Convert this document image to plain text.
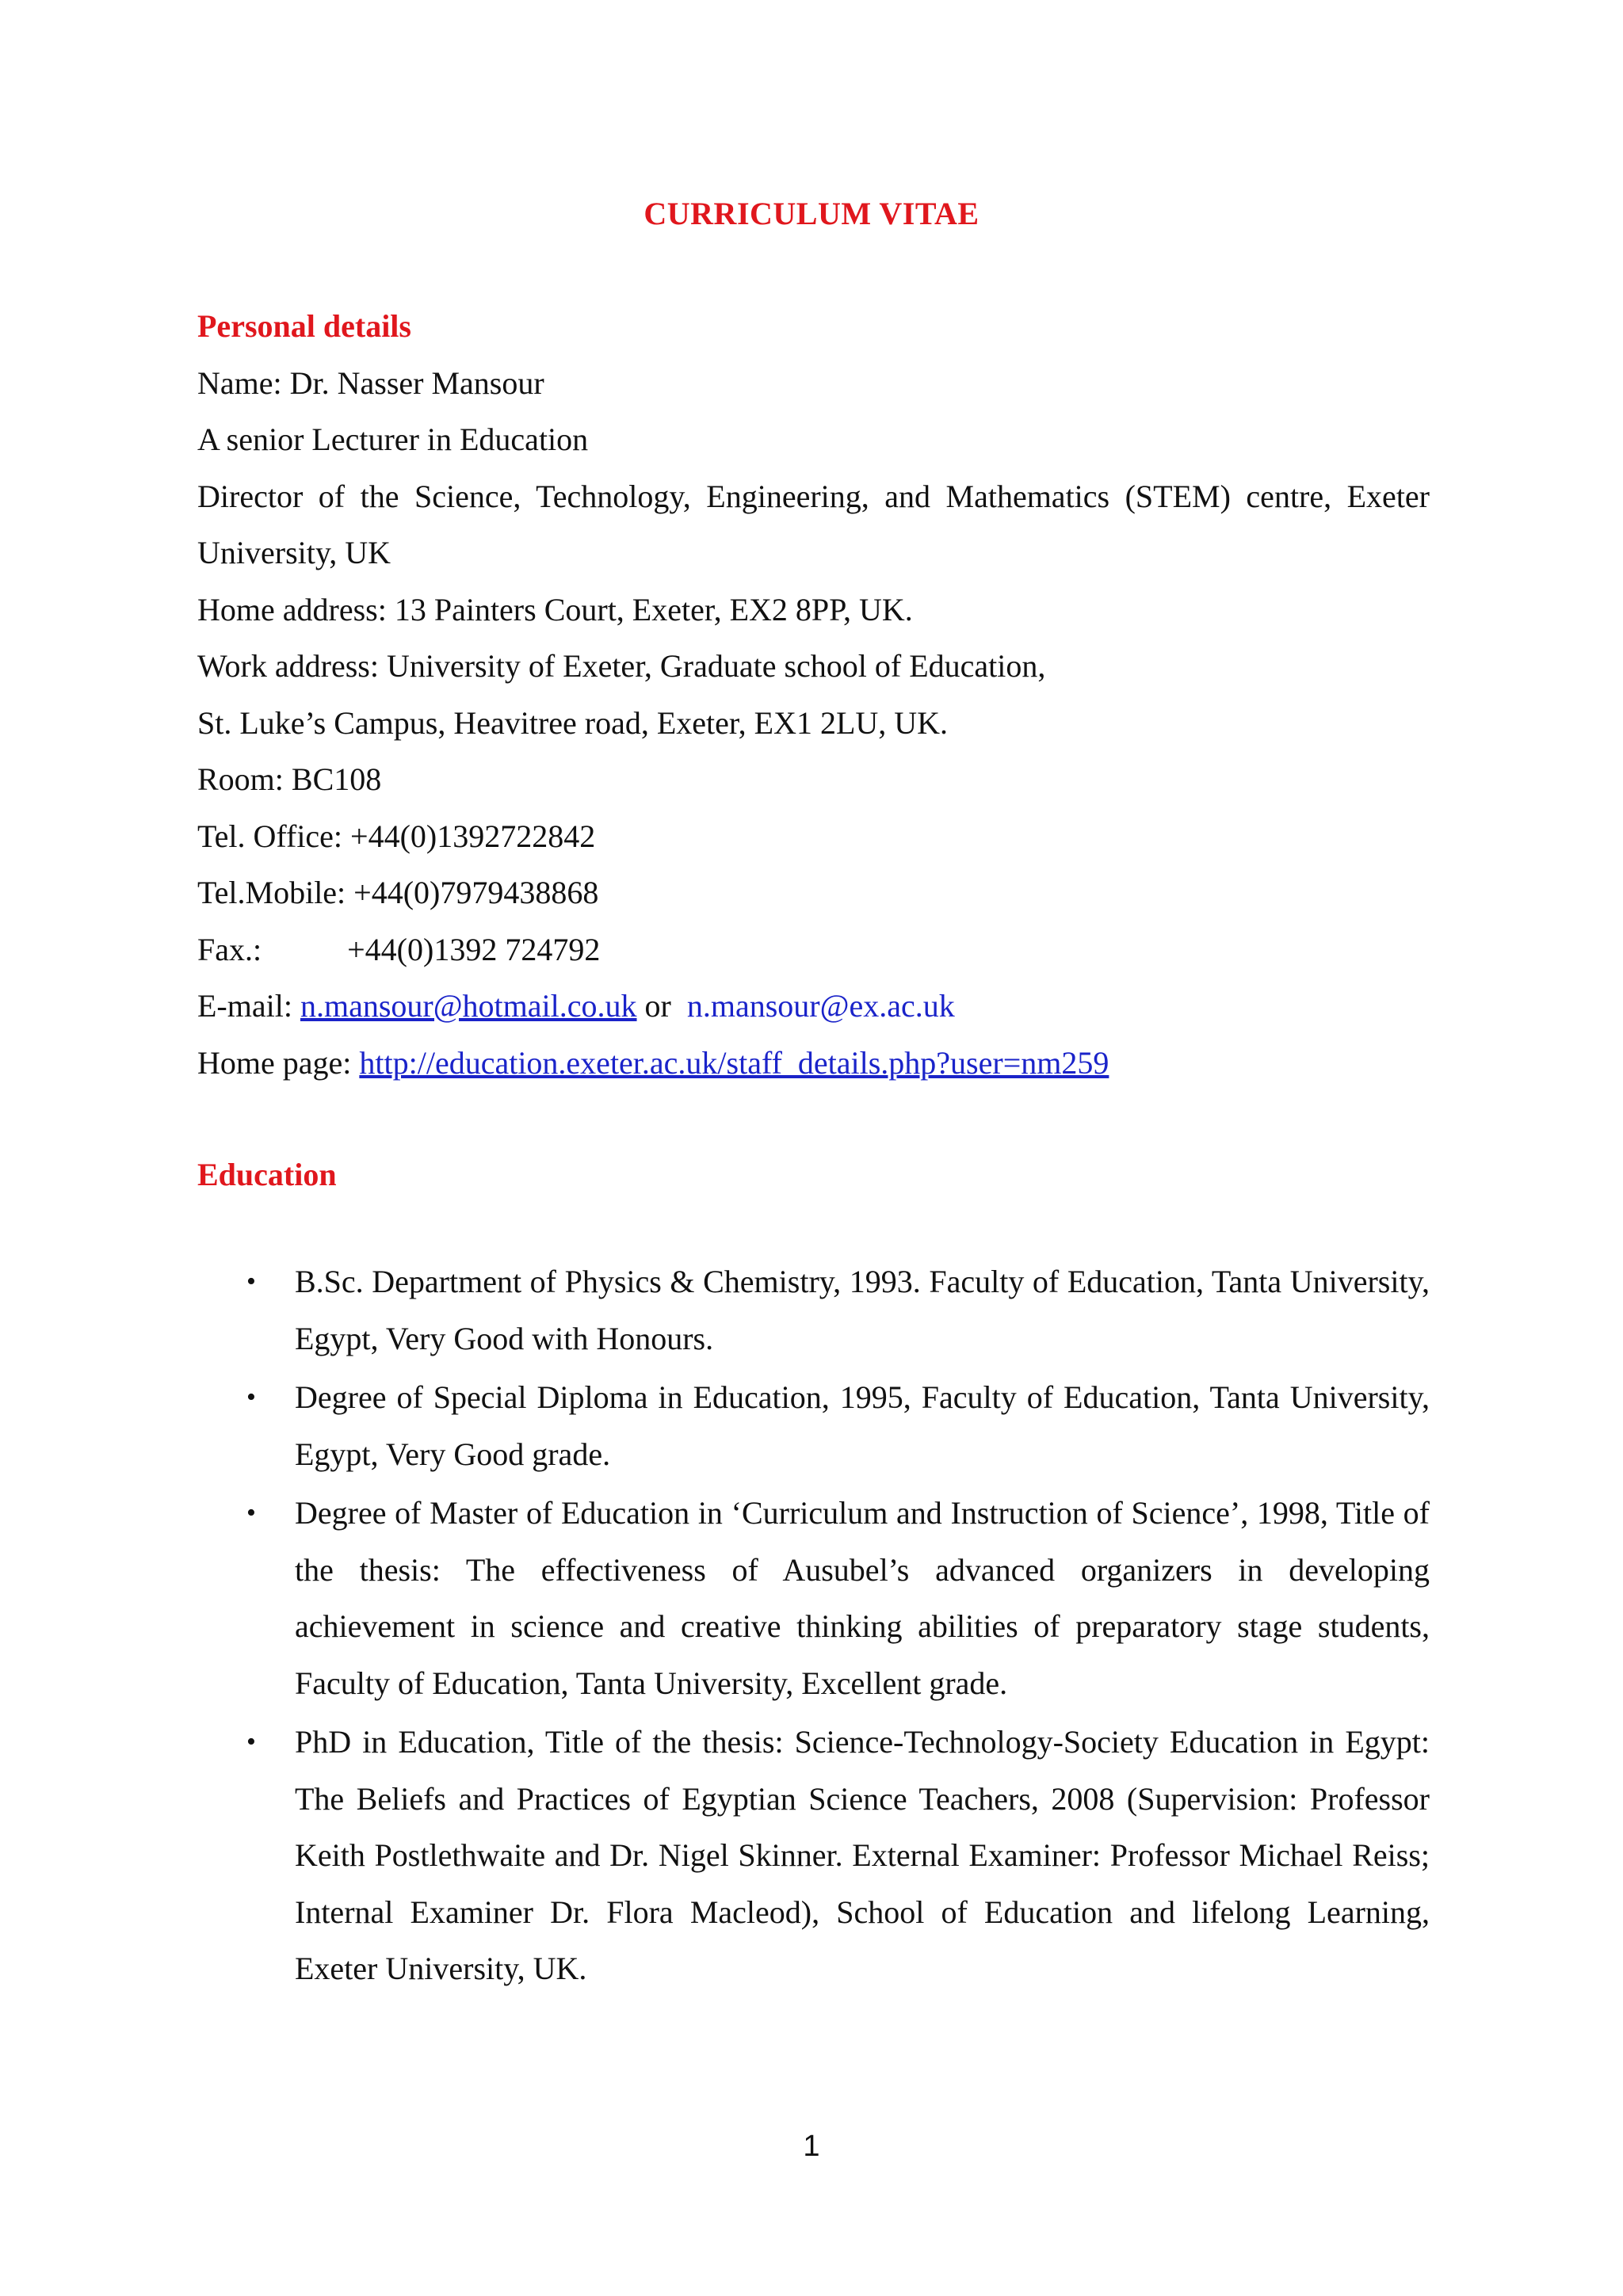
CURRICULUM VITAE
Personal details
Name: Dr. Nasser Mansour
A senior Lecturer in Education
Director of the Science, Technology, Engineering, and Mathematics (STEM) centre, Exeter
University, UK
Home address: 13 Painters Court, Exeter, EX2 8PP, UK.
Work address: University of Exeter, Graduate school of Education,
St. Luke’s Campus, Heavitree road, Exeter, EX1 2LU, UK.
Room: BC108
Tel. Office: +44(0)1392722842
Tel.Mobile: +44(0)7979438868
Fax.:	+44(0)1392 724792
E-mail: n.mansour@hotmail.co.uk or  n.mansour@ex.ac.uk
Home page: http://education.exeter.ac.uk/staff_details.php?user=nm259
Education
• B.Sc. Department of Physics & Chemistry, 1993. Faculty of Education, Tanta University, Egypt, Very Good with Honours.
• Degree of Special Diploma in Education, 1995, Faculty of Education, Tanta University, Egypt, Very Good grade.
• Degree of Master of Education in ‘Curriculum and Instruction of Science’, 1998, Title of the thesis: The effectiveness of Ausubel’s advanced organizers in developing achievement in science and creative thinking abilities of preparatory stage students, Faculty of Education, Tanta University, Excellent grade.
• PhD in Education, Title of the thesis: Science-Technology-Society Education in Egypt: The Beliefs and Practices of Egyptian Science Teachers, 2008 (Supervision: Professor Keith Postlethwaite and Dr. Nigel Skinner. External Examiner: Professor Michael Reiss; Internal Examiner Dr. Flora Macleod), School of Education and lifelong Learning, Exeter University, UK.
1
